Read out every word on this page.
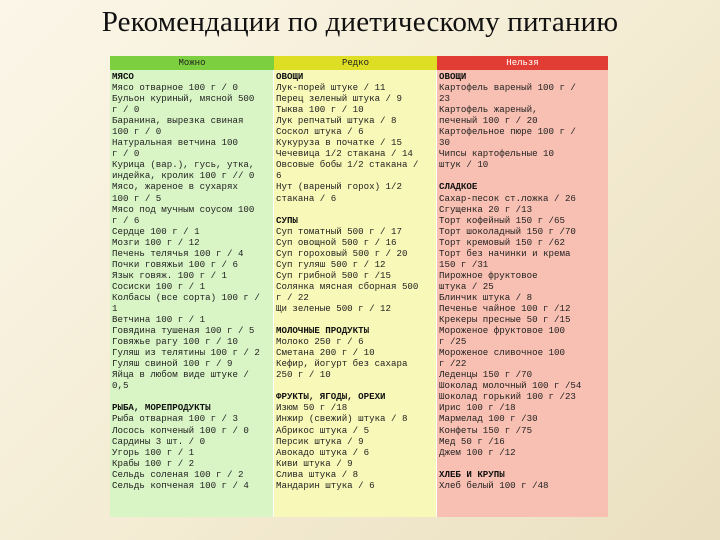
Рекомендации по диетическому питанию
Можно	Редко	Нельзя
МЯСО
Мясо отварное 100 г / 0
Бульон куриный, мясной 500
г / 0
Баранина, вырезка свиная
100 г / 0
Натуральная ветчина 100
г / 0
Курица (вар.), гусь, утка,
индейка, кролик 100 г // 0
Мясо, жареное в сухарях
100 г / 5
Мясо под мучным соусом 100
г / 6
Сердце 100 г / 1
Мозги 100 г / 12
Печень телячья 100 г / 4
Почки говяжьи 100 г / 6
Язык говяж. 100 г / 1
Сосиски 100 г / 1
Колбасы (все сорта) 100 г /
1
Ветчина 100 г / 1
Говядина тушеная 100 г / 5
Говяжье рагу 100 г / 10
Гуляш из телятины 100 г / 2
Гуляш свиной 100 г / 9
Яйца в любом виде штуке /
0,5
РЫБА, МОРЕПРОДУКТЫ
Рыба отварная 100 г / 3
Лосось копченый 100 г / 0
Сардины 3 шт. / 0
Угорь 100 г / 1
Крабы 100 г / 2
Сельдь соленая 100 г / 2
Сельдь копченая 100 г / 4
ОВОЩИ
Лук-порей штуке / 11
Перец зеленый штука / 9
Тыква 100 г / 10
Лук репчатый штука / 8
Соскол штука / 6
Кукуруза в початке / 15
Чечевица 1/2 стакана / 14
Овсовые бобы 1/2 стакана /
6
Нут (вареный горох) 1/2
стакана / 6
СУПЫ
Суп томатный 500 г / 17
Суп овощной 500 г / 16
Суп гороховый 500 г / 20
Суп гуляш 500 г / 12
Суп грибной 500 г /15
Солянка мясная сборная 500
г / 22
Щи зеленые 500 г / 12
МОЛОЧНЫЕ ПРОДУКТЫ
Молоко 250 г / 6
Сметана 200 г / 10
Кефир, йогурт без сахара
250 г / 10
ФРУКТЫ, ЯГОДЫ, ОРЕХИ
Изюм 50 г /18
Инжир (свежий) штука / 8
Абрикос штука / 5
Персик штука / 9
Авокадо штука / 6
Киви штука / 9
Слива штука / 8
Мандарин штука / 6
ОВОЩИ
Картофель вареный 100 г /
23
Картофель жареный,
печеный 100 г / 20
Картофельное пюре 100 г /
30
Чипсы картофельные 10
штук / 10
СЛАДКОЕ
Сахар-песок ст.ложка / 26
Сгущенка 20 г /13
Торт кофейный 150 г /65
Торт шоколадный 150 г /70
Торт кремовый 150 г /62
Торт без начинки и крема
150 г /31
Пирожное фруктовое
штука / 25
Блинчик штука / 8
Печенье чайное 100 г /12
Крекеры пресные 50 г /15
Мороженое фруктовое 100
г /25
Мороженое сливочное 100
г /22
Леденцы 150 г /70
Шоколад молочный 100 г /54
Шоколад горький 100 г /23
Ирис 100 г /18
Мармелад 100 г /30
Конфеты 150 г /75
Мед 50 г /16
Джем 100 г /12
ХЛЕБ И КРУПЫ
Хлеб белый 100 г /48
